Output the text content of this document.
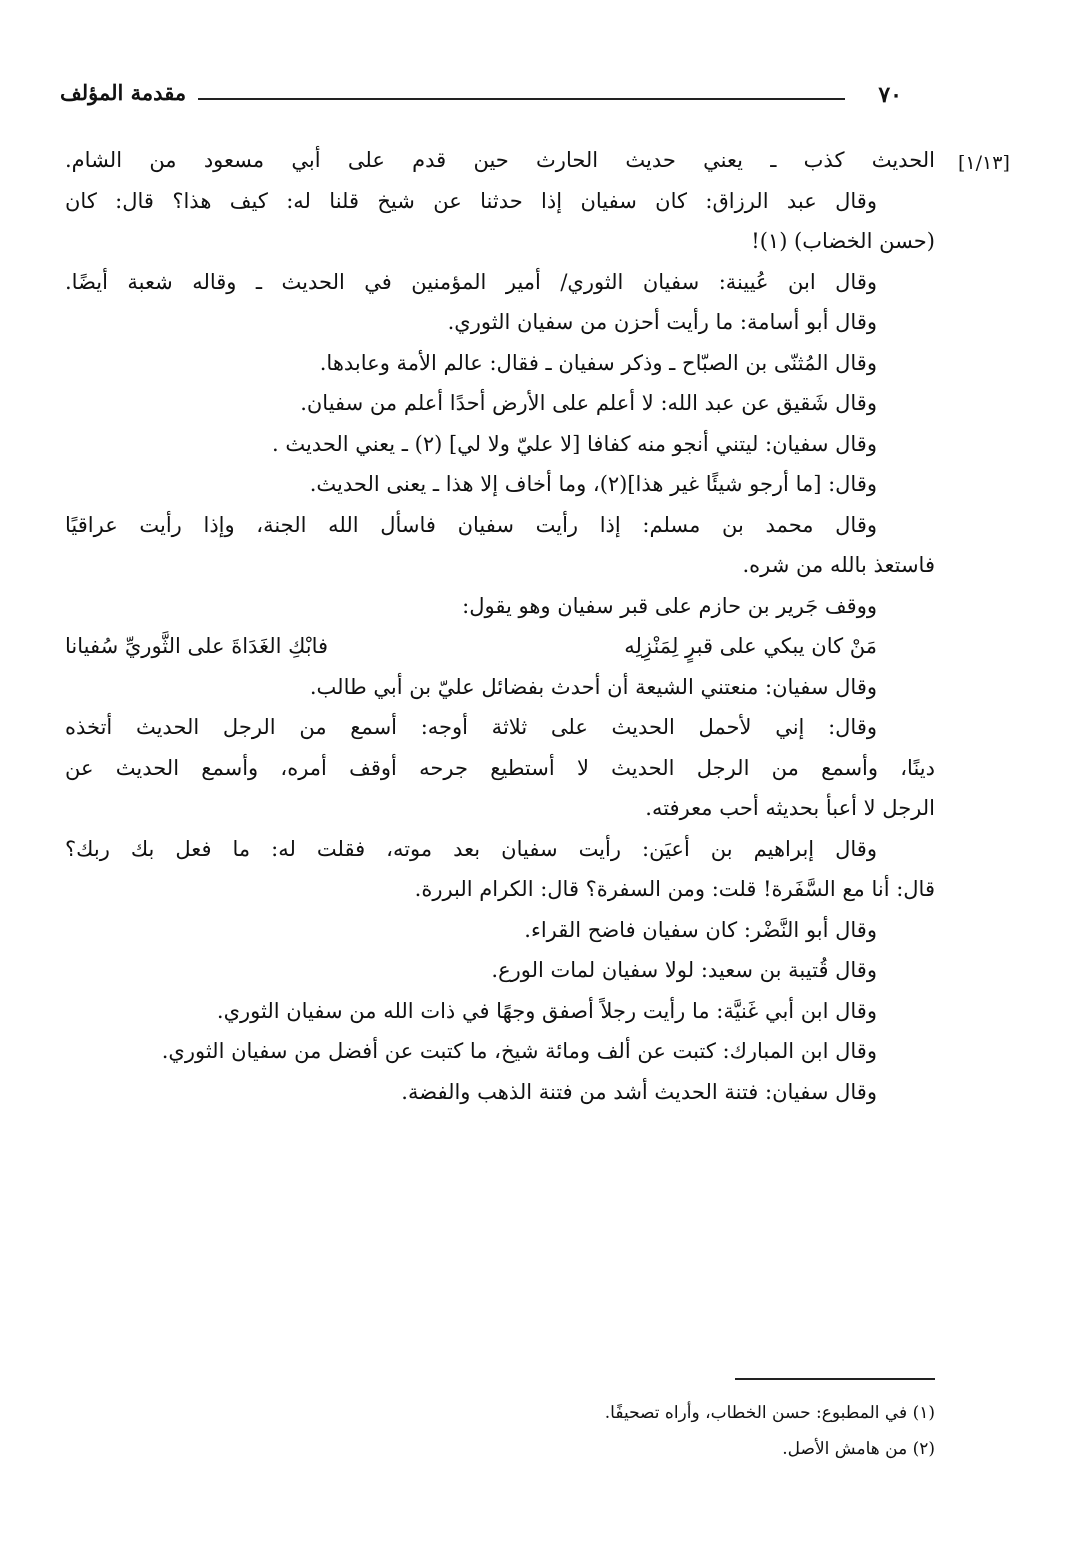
٧٠
مقدمة المؤلف
[١/١٣]
الحديث كذب ـ يعني حديث الحارث حين قدم على أبي مسعود من الشام.
وقال عبد الرزاق: كان سفيان إذا حدثنا عن شيخ قلنا له: كيف هذا؟ قال: كان
(حسن الخضاب) (١)!
وقال ابن عُيينة: سفيان الثوري/ أمير المؤمنين في الحديث ـ وقاله شعبة أيضًا.
وقال أبو أسامة: ما رأيت أحزن من سفيان الثوري.
وقال المُثنّى بن الصبّاح ـ وذكر سفيان ـ فقال: عالم الأمة وعابدها.
وقال شَقيق عن عبد الله: لا أعلم على الأرض أحدًا أعلم من سفيان.
وقال سفيان: ليتني أنجو منه كفافا [لا عليّ ولا لي] (٢) ـ يعني الحديث .
وقال: [ما أرجو شيئًا غير هذا](٢)، وما أخاف إلا هذا ـ يعنى الحديث.
وقال محمد بن مسلم: إذا رأيت سفيان فاسأل الله الجنة، وإذا رأيت عراقيًا
فاستعذ بالله من شره.
ووقف جَرير بن حازم على قبر سفيان وهو يقول:
مَنْ كان يبكي على قبرٍ لِمَنْزِلِه
فابْكِ الغَدَاةَ على الثَّوريِّ سُفيانا
وقال سفيان: منعتني الشيعة أن أحدث بفضائل عليّ بن أبي طالب.
وقال: إني لأحمل الحديث على ثلاثة أوجه: أسمع من الرجل الحديث أتخذه
دينًا، وأسمع من الرجل الحديث لا أستطيع جرحه أوقف أمره، وأسمع الحديث عن
الرجل لا أعبأ بحديثه أحب معرفته.
وقال إبراهيم بن أعيَن: رأيت سفيان بعد موته، فقلت له: ما فعل بك ربك؟
قال: أنا مع السَّفَرة! قلت: ومن السفرة؟ قال: الكرام البررة.
وقال أبو النَّضْر: كان سفيان فاضح القراء.
وقال قُتيبة بن سعيد: لولا سفيان لمات الورع.
وقال ابن أبي غَنيَّة: ما رأيت رجلاً أصفق وجهًا في ذات الله من سفيان الثوري.
وقال ابن المبارك: كتبت عن ألف ومائة شيخ، ما كتبت عن أفضل من سفيان الثوري.
وقال سفيان: فتنة الحديث أشد من فتنة الذهب والفضة.
(١) في المطبوع: حسن الخطاب، وأراه تصحيفًا.
(٢) من هامش الأصل.
